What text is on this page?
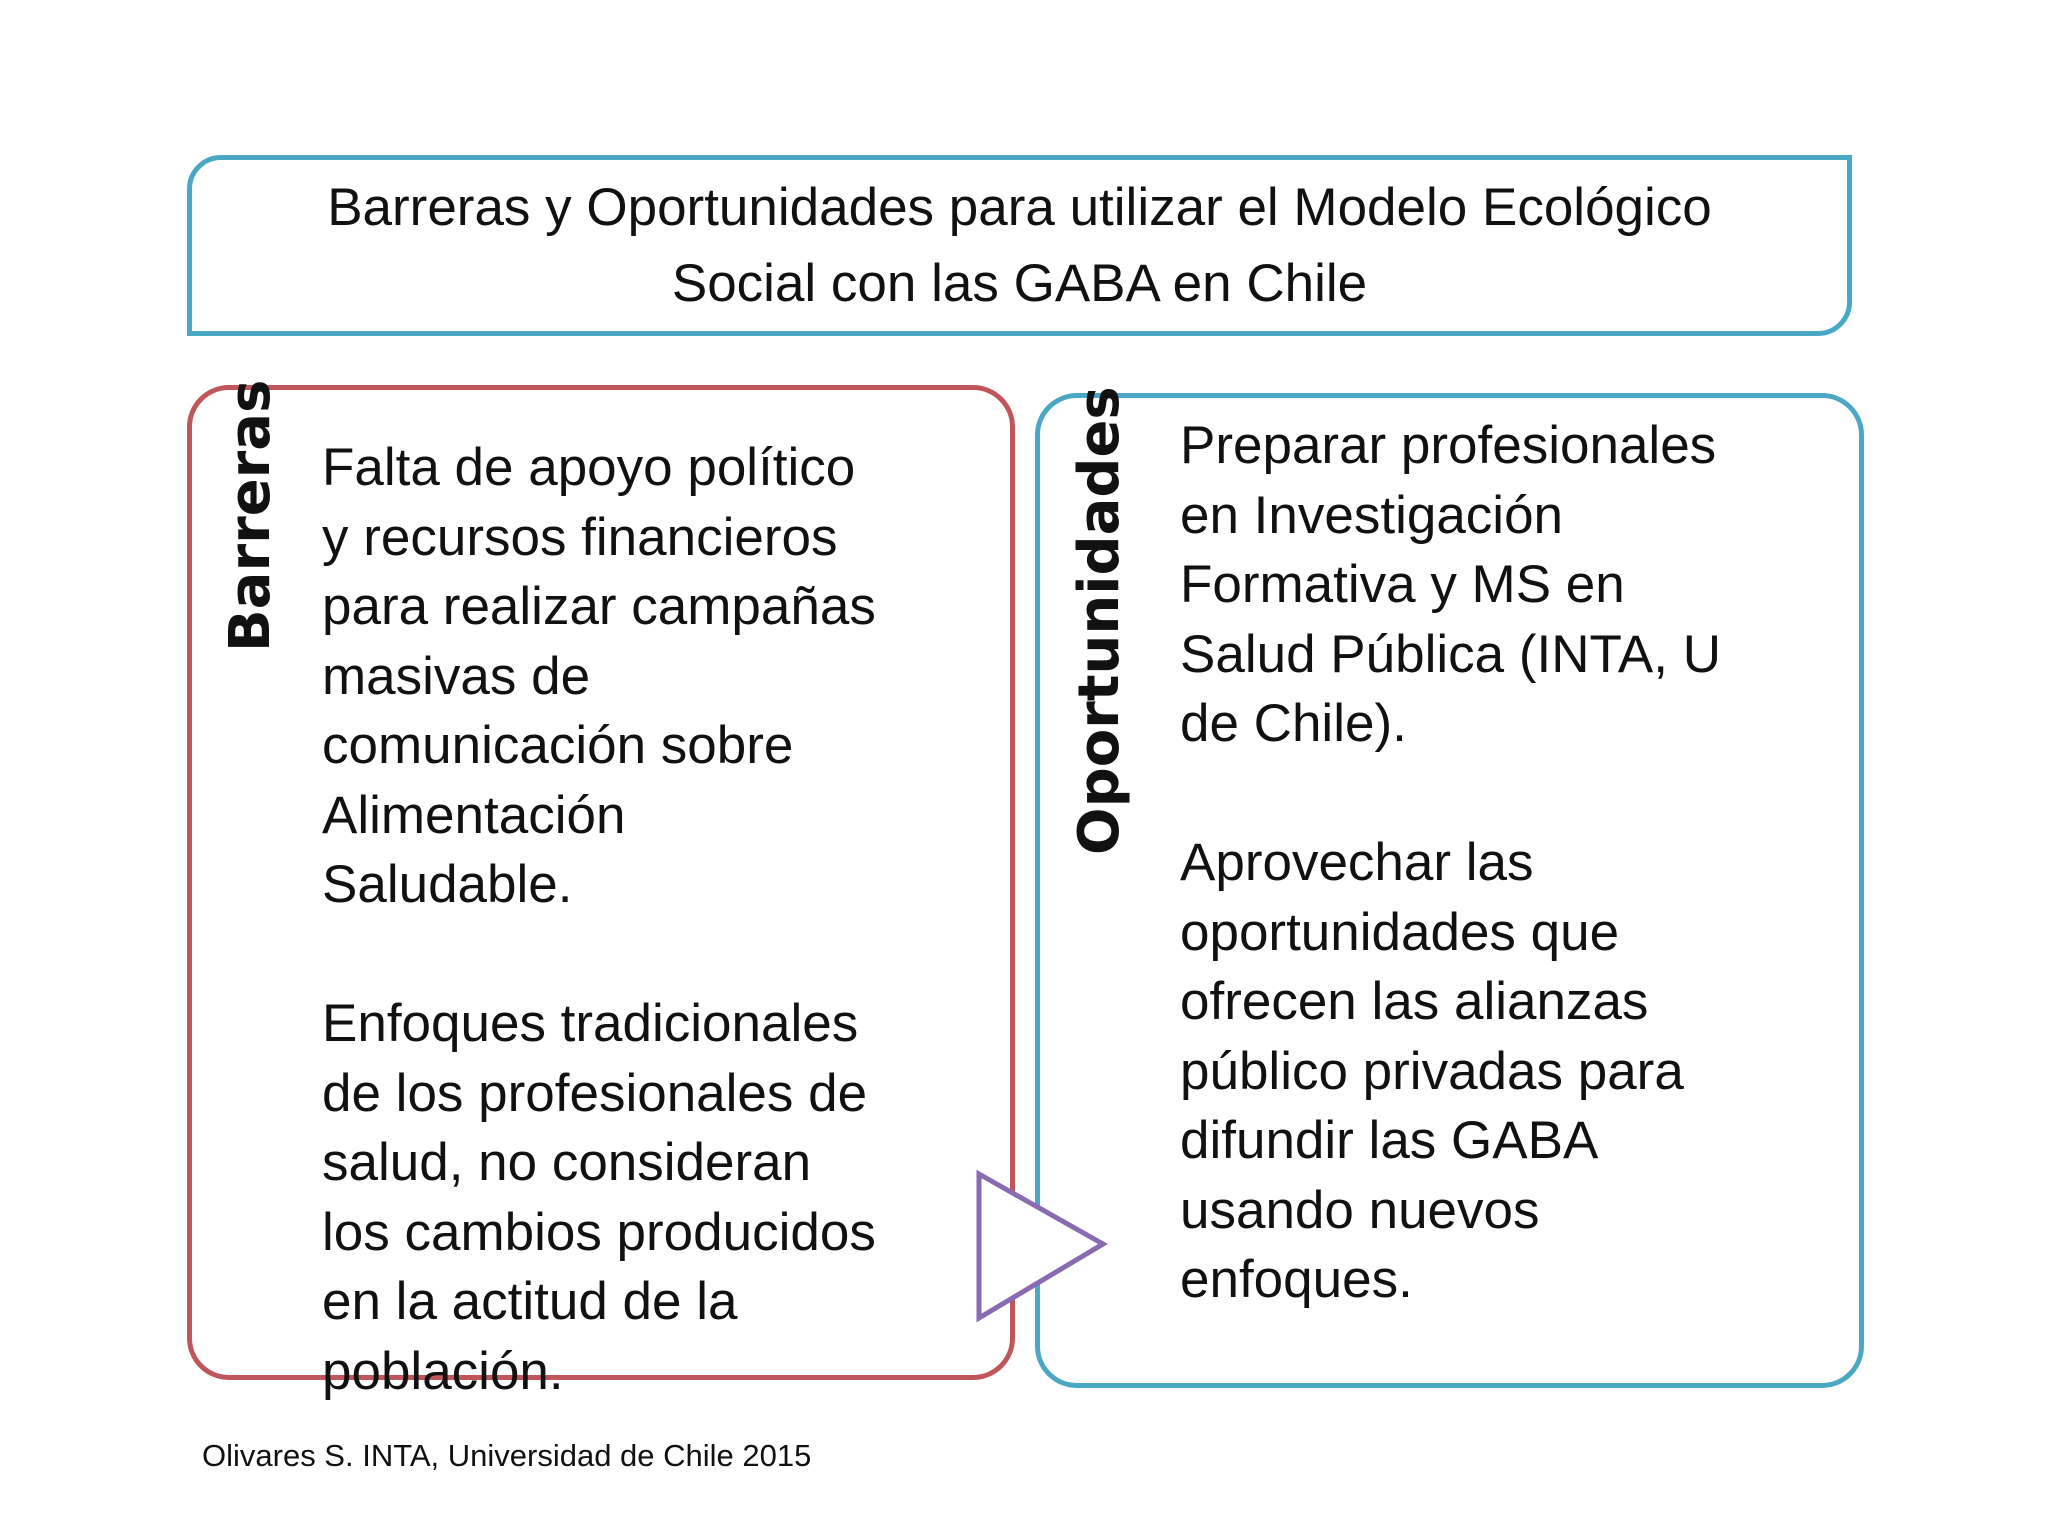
Barreras y Oportunidades para utilizar el Modelo Ecológico
Social con las GABA en Chile
Barreras	Oportunidades

Falta de apoyo político
y recursos financieros
para realizar campañas
masivas de
comunicación sobre
Alimentación
Saludable.

Enfoques tradicionales
de los profesionales de
salud, no consideran
los cambios producidos
en la actitud de la
población.

Preparar profesionales
en Investigación
Formativa y MS en
Salud Pública (INTA, U
de Chile).

Aprovechar las
oportunidades que
ofrecen las alianzas
público privadas para
difundir las GABA
usando nuevos
enfoques.

Olivares S. INTA, Universidad de Chile 2015
